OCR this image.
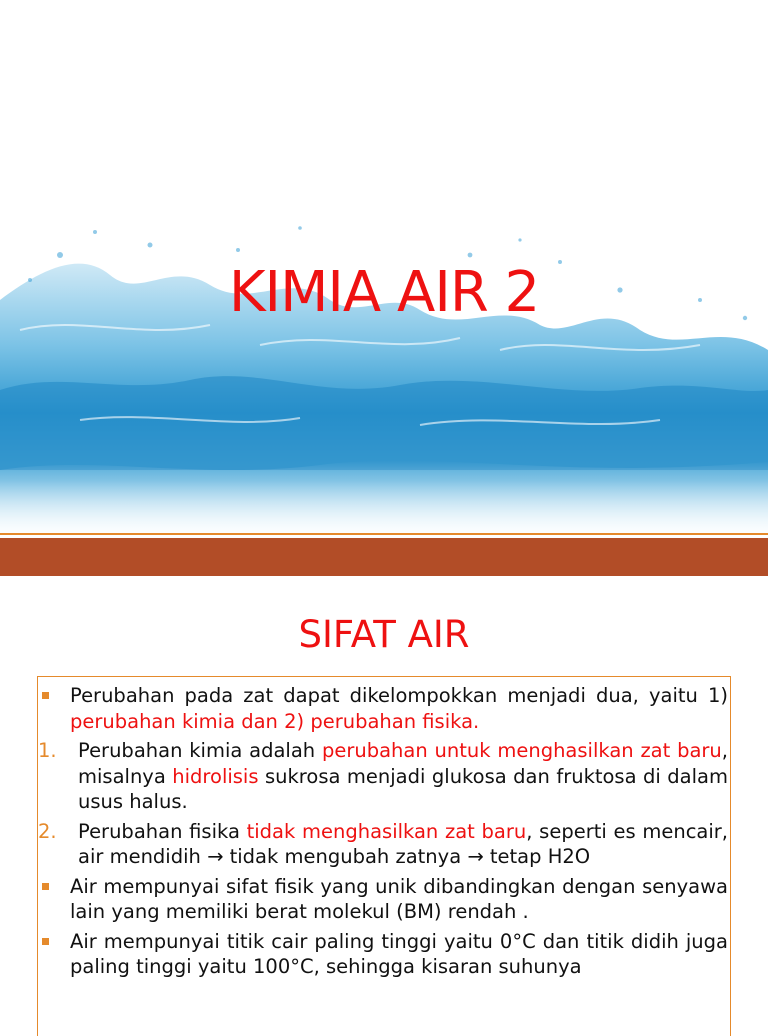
KIMIA AIR 2
SIFAT AIR
Perubahan pada zat dapat dikelompokkan menjadi dua, yaitu 1) perubahan kimia dan 2) perubahan fisika.
1. Perubahan kimia adalah perubahan untuk menghasilkan zat baru, misalnya hidrolisis sukrosa menjadi glukosa dan fruktosa di dalam usus halus.
2. Perubahan fisika tidak menghasilkan zat baru, seperti es mencair, air mendidih → tidak mengubah zatnya → tetap H2O
Air mempunyai sifat fisik yang unik dibandingkan dengan senyawa lain yang memiliki berat molekul (BM) rendah .
Air mempunyai titik cair paling tinggi yaitu 0°C dan titik didih juga paling tinggi yaitu 100°C, sehingga kisaran suhunya
